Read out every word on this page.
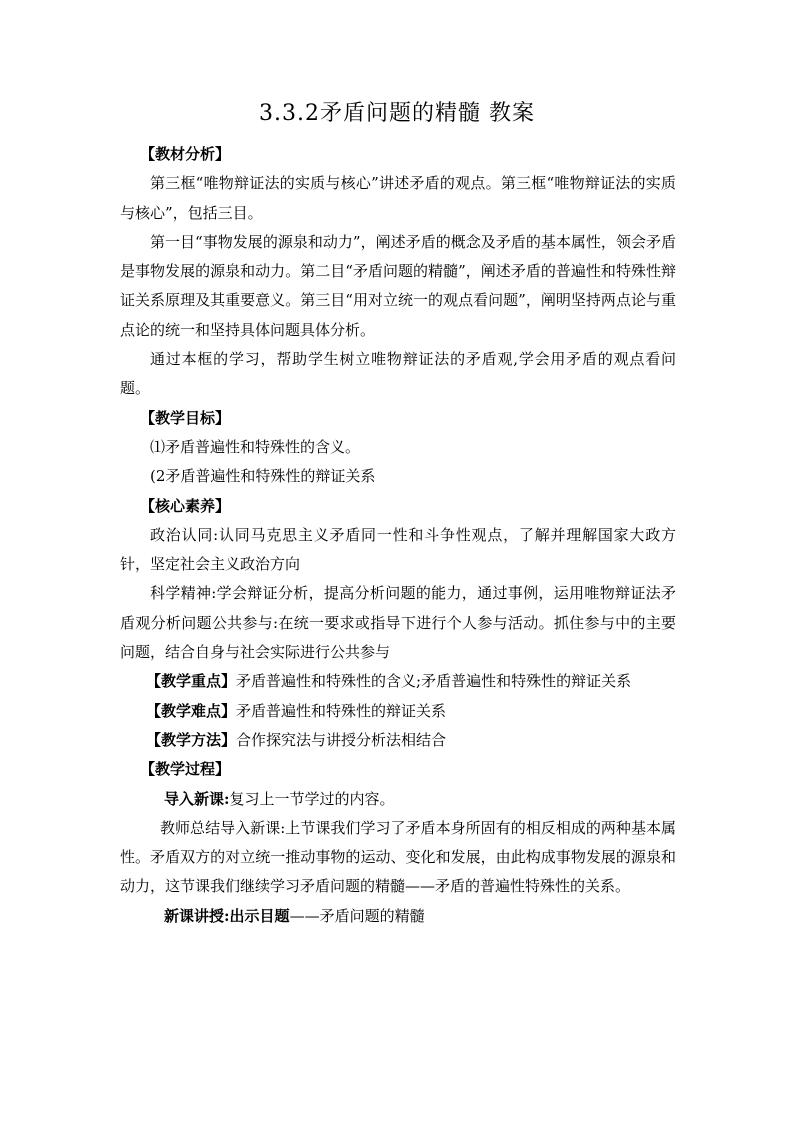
3.3.2矛盾问题的精髓 教案

【教材分析】

第三框“唯物辩证法的实质与核心”讲述矛盾的观点。第三框“唯物辩证法的实质与核心”，包括三目。

第一目“事物发展的源泉和动力”，阐述矛盾的概念及矛盾的基本属性，领会矛盾是事物发展的源泉和动力。第二目“矛盾问题的精髓”，阐述矛盾的普遍性和特殊性辩证关系原理及其重要意义。第三目“用对立统一的观点看问题”，阐明坚持两点论与重点论的统一和坚持具体问题具体分析。

通过本框的学习，帮助学生树立唯物辩证法的矛盾观,学会用矛盾的观点看问题。

【教学目标】

⑴矛盾普遍性和特殊性的含义。

(2矛盾普遍性和特殊性的辩证关系

【核心素养】

政治认同:认同马克思主义矛盾同一性和斗争性观点，了解并理解国家大政方针，坚定社会主义政治方向

科学精神:学会辩证分析，提高分析问题的能力，通过事例，运用唯物辩证法矛盾观分析问题公共参与:在统一要求或指导下进行个人参与活动。抓住参与中的主要问题，结合自身与社会实际进行公共参与

【教学重点】矛盾普遍性和特殊性的含义;矛盾普遍性和特殊性的辩证关系

【教学难点】矛盾普遍性和特殊性的辩证关系

【教学方法】合作探究法与讲授分析法相结合

【教学过程】

导入新课:复习上一节学过的内容。

教师总结导入新课:上节课我们学习了矛盾本身所固有的相反相成的两种基本属性。矛盾双方的对立统一推动事物的运动、变化和发展，由此构成事物发展的源泉和动力，这节课我们继续学习矛盾问题的精髓——矛盾的普遍性特殊性的关系。

新课讲授:出示目题——矛盾问题的精髓
